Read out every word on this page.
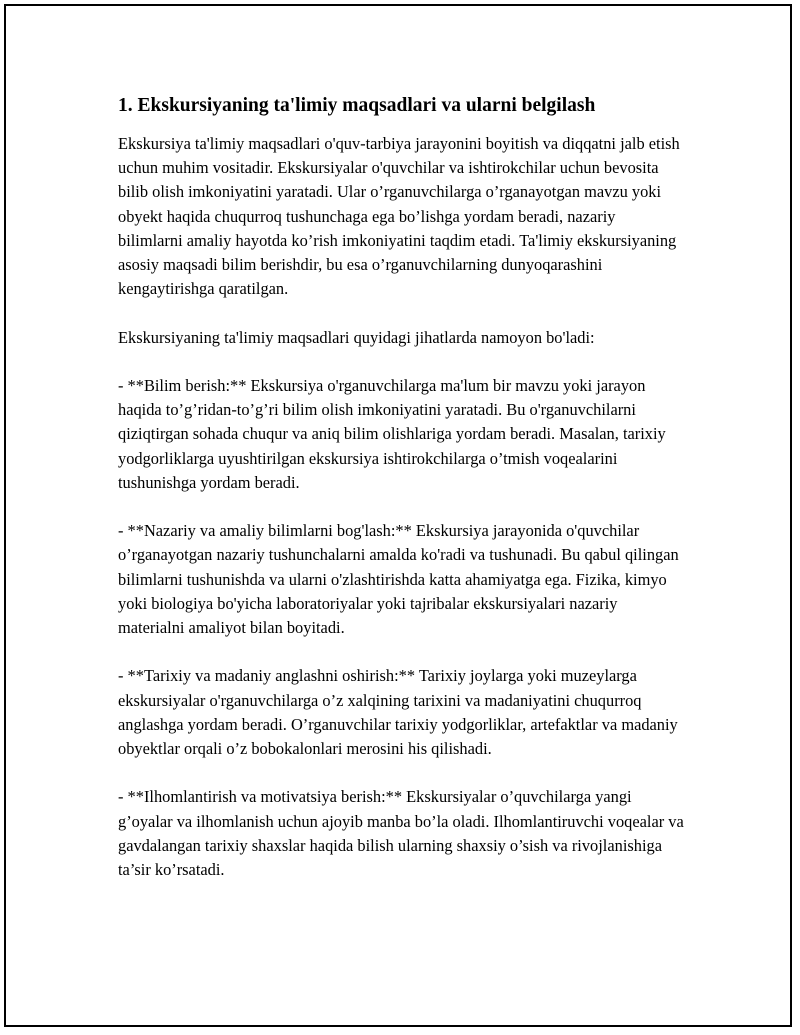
1. Ekskursiyaning ta'limiy maqsadlari va ularni belgilash

Ekskursiya ta'limiy maqsadlari o'quv-tarbiya jarayonini boyitish va diqqatni jalb etish uchun muhim vositadir. Ekskursiyalar o'quvchilar va ishtirokchilar uchun bevosita bilib olish imkoniyatini yaratadi. Ular o’rganuvchilarga o’rganayotgan mavzu yoki obyekt haqida chuqurroq tushunchaga ega bo’lishga yordam beradi, nazariy bilimlarni amaliy hayotda ko’rish imkoniyatini taqdim etadi. Ta'limiy ekskursiyaning asosiy maqsadi bilim berishdir, bu esa o’rganuvchilarning dunyoqarashini kengaytirishga qaratilgan.

Ekskursiyaning ta'limiy maqsadlari quyidagi jihatlarda namoyon bo'ladi:

- **Bilim berish:** Ekskursiya o'rganuvchilarga ma'lum bir mavzu yoki jarayon haqida to’g’ridan-to’g’ri bilim olish imkoniyatini yaratadi. Bu o'rganuvchilarni qiziqtirgan sohada chuqur va aniq bilim olishlariga yordam beradi. Masalan, tarixiy yodgorliklarga uyushtirilgan ekskursiya ishtirokchilarga o’tmish voqealarini tushunishga yordam beradi.

- **Nazariy va amaliy bilimlarni bog'lash:** Ekskursiya jarayonida o'quvchilar o’rganayotgan nazariy tushunchalarni amalda ko'radi va tushunadi. Bu qabul qilingan bilimlarni tushunishda va ularni o'zlashtirishda katta ahamiyatga ega. Fizika, kimyo yoki biologiya bo'yicha laboratoriyalar yoki tajribalar ekskursiyalari nazariy materialni amaliyot bilan boyitadi.

- **Tarixiy va madaniy anglashni oshirish:** Tarixiy joylarga yoki muzeylarga ekskursiyalar o'rganuvchilarga o’z xalqining tarixini va madaniyatini chuqurroq anglashga yordam beradi. O’rganuvchilar tarixiy yodgorliklar, artefaktlar va madaniy obyektlar orqali o’z bobokalonlari merosini his qilishadi.

- **Ilhomlantirish va motivatsiya berish:** Ekskursiyalar o’quvchilarga yangi g’oyalar va ilhomlanish uchun ajoyib manba bo’la oladi. Ilhomlantiruvchi voqealar va gavdalangan tarixiy shaxslar haqida bilish ularning shaxsiy o’sish va rivojlanishiga ta’sir ko’rsatadi.
